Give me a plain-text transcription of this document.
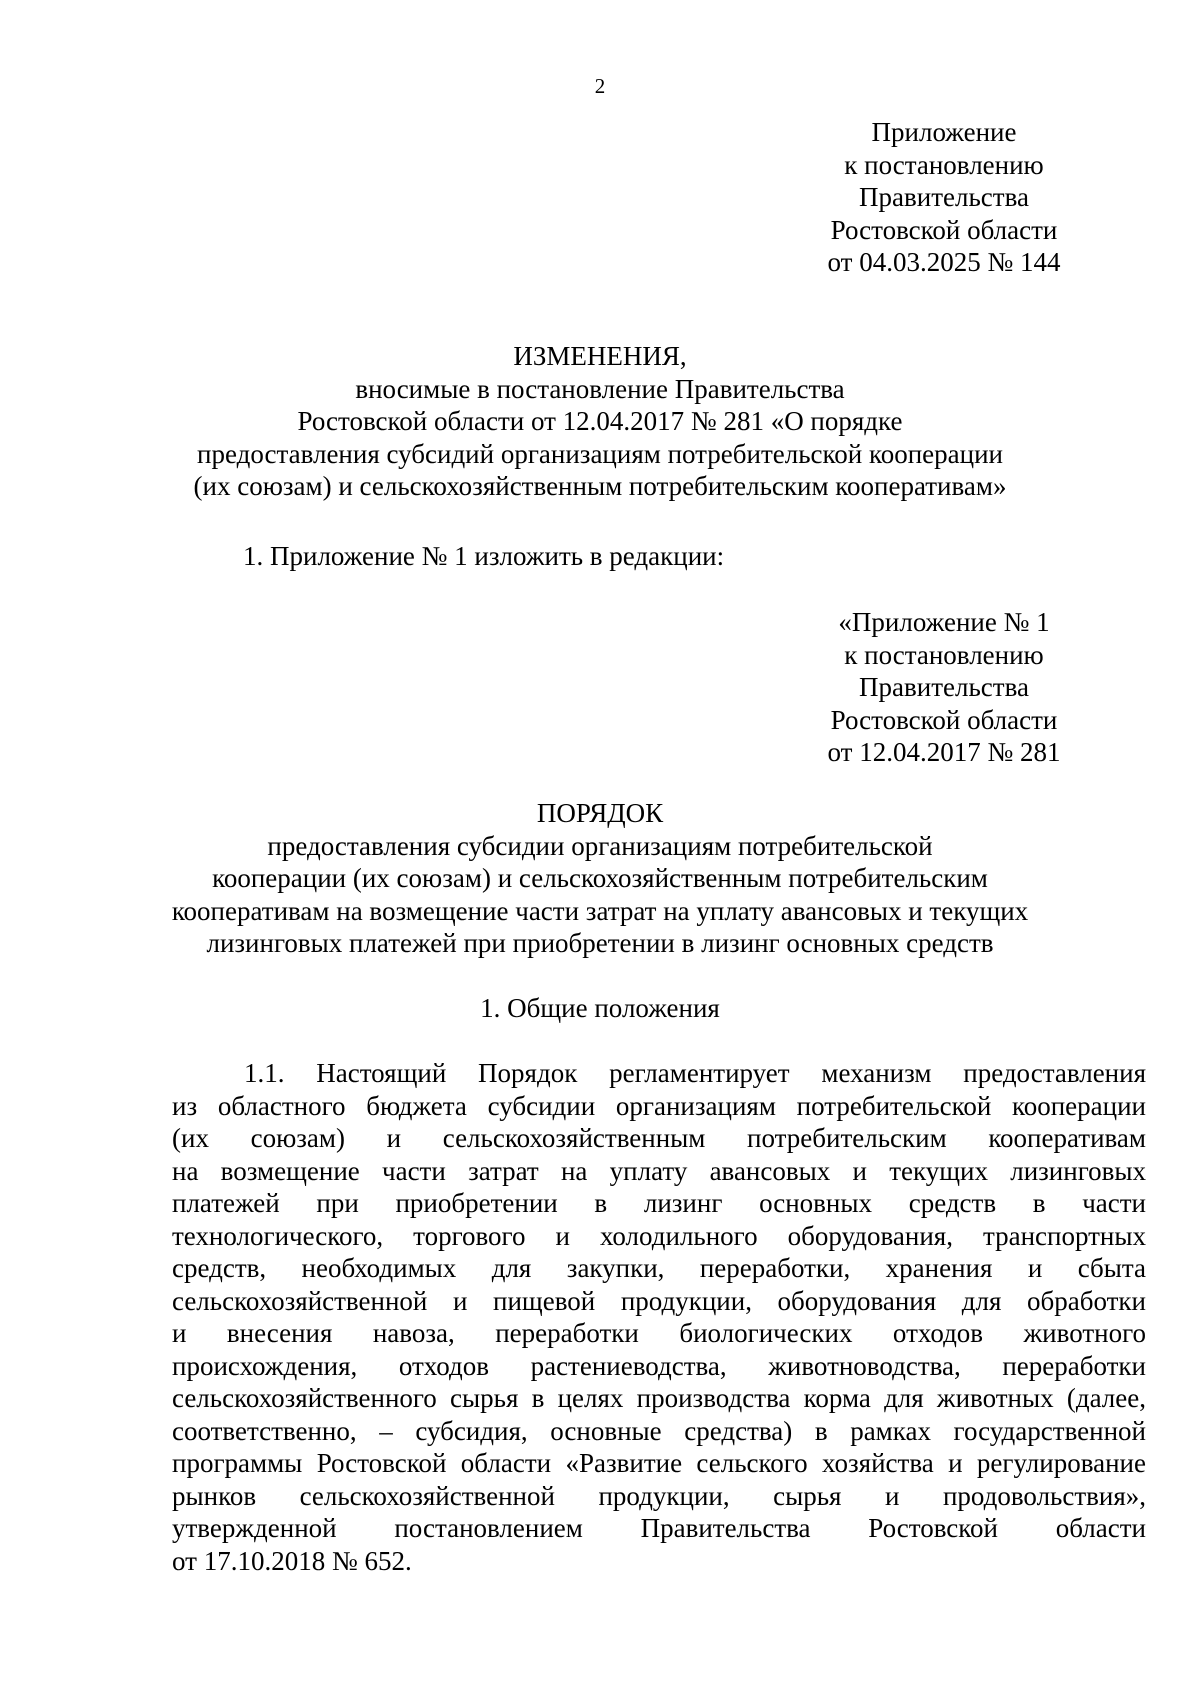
2
Приложение
к постановлению
Правительства
Ростовской области
от 04.03.2025 № 144
ИЗМЕНЕНИЯ,
вносимые в постановление Правительства
Ростовской области от 12.04.2017 № 281 «О порядке
предоставления субсидий организациям потребительской кооперации
(их союзам) и сельскохозяйственным потребительским кооперативам»
1. Приложение № 1 изложить в редакции:
«Приложение № 1
к постановлению
Правительства
Ростовской области
от 12.04.2017 № 281
ПОРЯДОК
предоставления субсидии организациям потребительской
кооперации (их союзам) и сельскохозяйственным потребительским
кооперативам на возмещение части затрат на уплату авансовых и текущих
лизинговых платежей при приобретении в лизинг основных средств
1. Общие положения
1.1. Настоящий Порядок регламентирует механизм предоставления
из областного бюджета субсидии организациям потребительской кооперации
(их союзам) и сельскохозяйственным потребительским кооперативам
на возмещение части затрат на уплату авансовых и текущих лизинговых
платежей при приобретении в лизинг основных средств в части
технологического, торгового и холодильного оборудования, транспортных
средств, необходимых для закупки, переработки, хранения и сбыта
сельскохозяйственной и пищевой продукции, оборудования для обработки
и внесения навоза, переработки биологических отходов животного
происхождения, отходов растениеводства, животноводства, переработки
сельскохозяйственного сырья в целях производства корма для животных (далее,
соответственно, – субсидия, основные средства) в рамках государственной
программы Ростовской области «Развитие сельского хозяйства и регулирование
рынков сельскохозяйственной продукции, сырья и продовольствия»,
утвержденной постановлением Правительства Ростовской области
от 17.10.2018 № 652.
